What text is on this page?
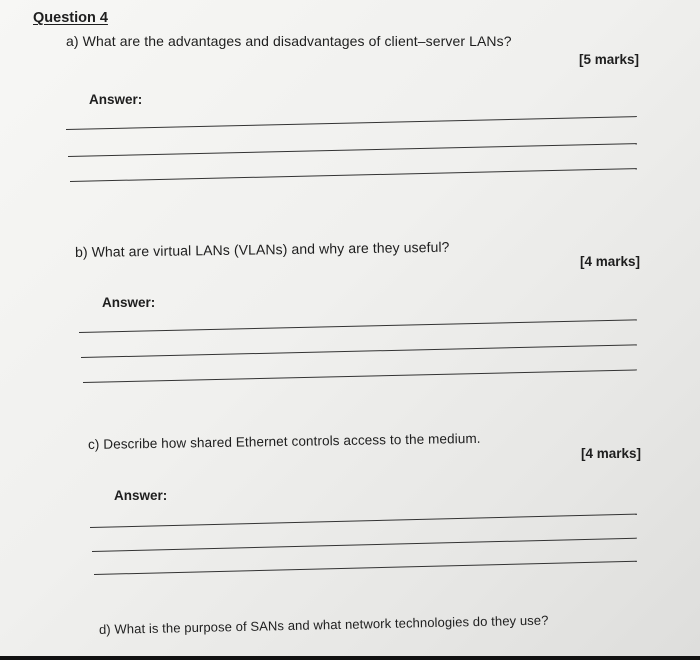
Question 4
a) What are the advantages and disadvantages of client–server LANs?
[5 marks]
Answer:
b) What are virtual LANs (VLANs) and why are they useful?
[4 marks]
Answer:
c) Describe how shared Ethernet controls access to the medium.
[4 marks]
Answer:
d) What is the purpose of SANs and what network technologies do they use?
